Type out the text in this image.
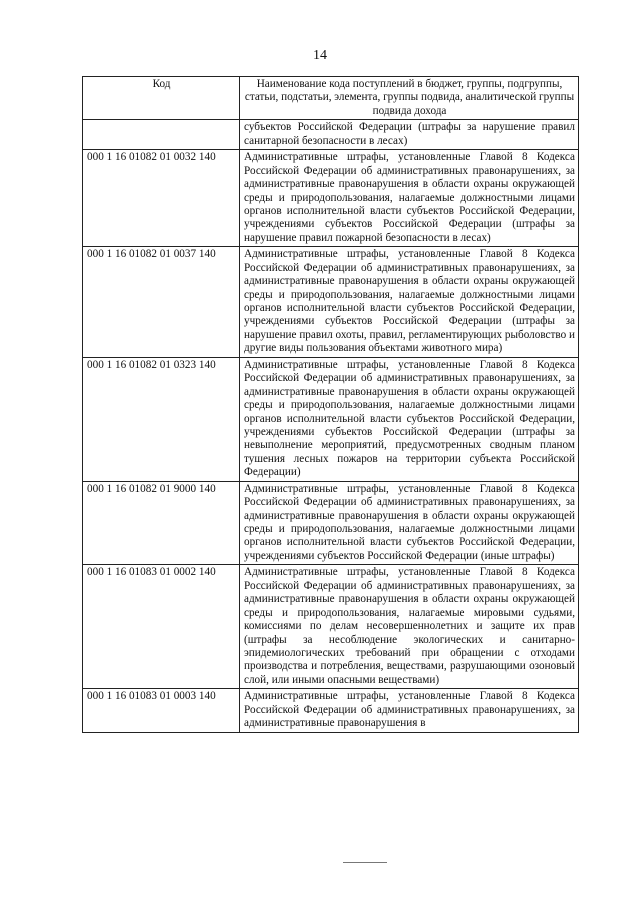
14
Код	Наименование кода поступлений в бюджет, группы, подгруппы, статьи, подстатьи, элемента, группы подвида, аналитической группы подвида дохода
	субъектов Российской Федерации (штрафы за нарушение правил санитарной безопасности в лесах)
000 1 16 01082 01 0032 140	Административные штрафы, установленные Главой 8 Кодекса Российской Федерации об административных правонарушениях, за административные правонарушения в области охраны окружающей среды и природопользования, налагаемые должностными лицами органов исполнительной власти субъектов Российской Федерации, учреждениями субъектов Российской Федерации (штрафы за нарушение правил пожарной безопасности в лесах)
000 1 16 01082 01 0037 140	Административные штрафы, установленные Главой 8 Кодекса Российской Федерации об административных правонарушениях, за административные правонарушения в области охраны окружающей среды и природопользования, налагаемые должностными лицами органов исполнительной власти субъектов Российской Федерации, учреждениями субъектов Российской Федерации (штрафы за нарушение правил охоты, правил, регламентирующих рыболовство и другие виды пользования объектами животного мира)
000 1 16 01082 01 0323 140	Административные штрафы, установленные Главой 8 Кодекса Российской Федерации об административных правонарушениях, за административные правонарушения в области охраны окружающей среды и природопользования, налагаемые должностными лицами органов исполнительной власти субъектов Российской Федерации, учреждениями субъектов Российской Федерации (штрафы за невыполнение мероприятий, предусмотренных сводным планом тушения лесных пожаров на территории субъекта Российской Федерации)
000 1 16 01082 01 9000 140	Административные штрафы, установленные Главой 8 Кодекса Российской Федерации об административных правонарушениях, за административные правонарушения в области охраны окружающей среды и природопользования, налагаемые должностными лицами органов исполнительной власти субъектов Российской Федерации, учреждениями субъектов Российской Федерации (иные штрафы)
000 1 16 01083 01 0002 140	Административные штрафы, установленные Главой 8 Кодекса Российской Федерации об административных правонарушениях, за административные правонарушения в области охраны окружающей среды и природопользования, налагаемые мировыми судьями, комиссиями по делам несовершеннолетних и защите их прав (штрафы за несоблюдение экологических и санитарно-эпидемиологических требований при обращении с отходами производства и потребления, веществами, разрушающими озоновый слой, или иными опасными веществами)
000 1 16 01083 01 0003 140	Административные штрафы, установленные Главой 8 Кодекса Российской Федерации об административных правонарушениях, за административные правонарушения в
